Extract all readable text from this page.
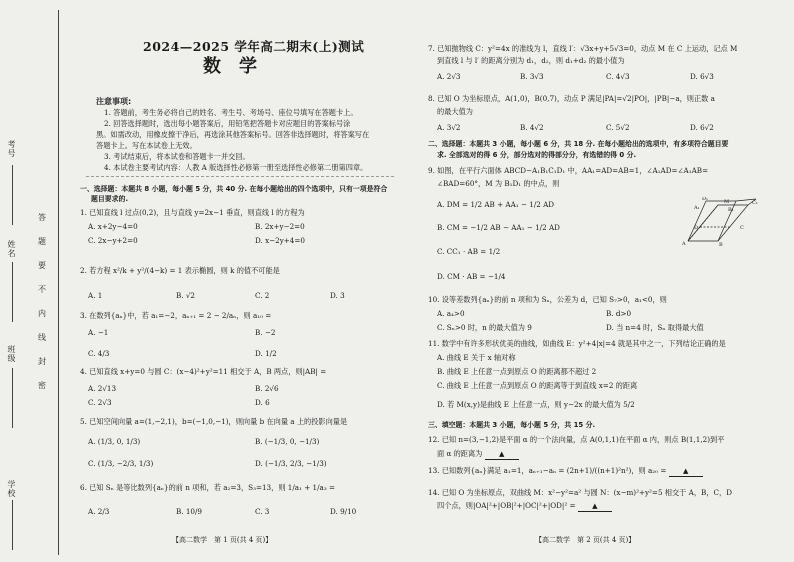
考号
姓名
班级
学校
答
题
要
不
内
线
封
密
2024—2025 学年高二期末(上)测试
数学
注意事项:
1. 答题前，考生务必将自己的姓名、考生号、考场号、座位号填写在答题卡上。
2. 回答选择题时，选出每小题答案后，用铅笔把答题卡对应题目的答案标号涂
黑。如需改动，用橡皮擦干净后，再选涂其他答案标号。回答非选择题时，将答案写在
答题卡上。写在本试卷上无效。
3. 考试结束后，将本试卷和答题卡一并交回。
4. 本试卷主要考试内容：人教 A 版选择性必修第一册至选择性必修第二册第四章。
一、选择题：本题共 8 小题，每小题 5 分，共 40 分. 在每小题给出的四个选项中，只有一项是符合
题目要求的.
1. 已知直线 l 过点(0,2)，且与直线 y=2x−1 垂直，则直线 l 的方程为
A. x+2y−4=0	B. 2x+y−2=0
C. 2x−y+2=0	D. x−2y+4=0
2. 若方程 x²/k + y²/(4−k) = 1 表示椭圆，则 k 的值不可能是
A. 1	B. √2	C. 2	D. 3
3. 在数列{aₙ}中，若 a₁=−2，aₙ₊₁ = 2 − 2/aₙ，则 a₁₀ =
A. −1	B. −2
C. 4/3	D. 1/2
4. 已知直线 x+y=0 与圆 C：(x−4)²+y²=11 相交于 A，B 两点，则|AB| =
A. 2√13	B. 2√6
C. 2√3	D. 6
5. 已知空间向量 a=(1,−2,1)，b=(−1,0,−1)，则向量 b 在向量 a 上的投影向量是
A. (1/3, 0, 1/3)	B. (−1/3, 0, −1/3)
C. (1/3, −2/3, 1/3)	D. (−1/3, 2/3, −1/3)
6. 已知 Sₙ 是等比数列{aₙ}的前 n 项和，若 a₂=3，S₃=13，则 1/a₁ + 1/a₃ =
A. 2/3	B. 10/9	C. 3	D. 9/10
【高二数学　第 1 页(共 4 页)】
7. 已知抛物线 C：y²=4x 的准线为 l，直线 l′：√3x+y+5√3=0，动点 M 在 C 上运动，记点 M
到直线 l 与 l′ 的距离分别为 d₁，d₂，则 d₁+d₂ 的最小值为
A. 2√3	B. 3√3	C. 4√3	D. 6√3
8. 已知 O 为坐标原点，A(1,0)，B(0,7)，动点 P 满足|PA|=√2|PO|，|PB|−a，则正数 a
的最大值为
A. 3√2	B. 4√2	C. 5√2	D. 6√2
二、选择题：本题共 3 小题，每小题 6 分，共 18 分. 在每小题给出的选项中，有多项符合题目要
求. 全部选对的得 6 分，部分选对的得部分分，有选错的得 0 分.
9. 如图，在平行六面体 ABCD−A₁B₁C₁D₁ 中，AA₁=AD=AB=1，∠A₁AD=∠A₁AB=
∠BAD=60°，M 为 B₁D₁ 的中点，则
A. DM = 1/2 AB + AA₁ − 1/2 AD
B. CM = −1/2 AB − AA₁ − 1/2 AD
C. CC₁ · AB = 1/2
D. CM · AB = −1/4
D₁
C₁
A₁	B₁
M
D	C
A	B
10. 设等差数列{aₙ}的前 n 项和为 Sₙ，公差为 d，已知 S₇>0，a₁<0，则
A. a₄>0	B. d>0
C. Sₙ>0 时，n 的最大值为 9	D. 当 n=4 时，Sₙ 取得最大值
11. 数学中有许多形状优美的曲线，如曲线 E：y²+4|x|=4 就是其中之一，下列结论正确的是
A. 曲线 E 关于 x 轴对称
B. 曲线 E 上任意一点到原点 O 的距离都不超过 2
C. 曲线 E 上任意一点到原点 O 的距离等于到直线 x=2 的距离
D. 若 M(x,y)是曲线 E 上任意一点，则 y−2x 的最大值为 5/2
三、填空题：本题共 3 小题，每小题 5 分，共 15 分.
12. 已知 n=(3,−1,2)是平面 α 的一个法向量，点 A(0,1,1)在平面 α 内，则点 B(1,1,2)到平
面 α 的距离为 ▲
13. 已知数列{aₙ}满足 a₁=1，aₙ₊₁−aₙ = (2n+1)/((n+1)²n²)，则 a₂₀ = ▲
14. 已知 O 为坐标原点，双曲线 M：x²−y²=a² 与圆 N：(x−m)²+y²=5 相交于 A，B，C，D
四个点，则|OA|²+|OB|²+|OC|²+|OD|² = ▲
【高二数学　第 2 页(共 4 页)】
